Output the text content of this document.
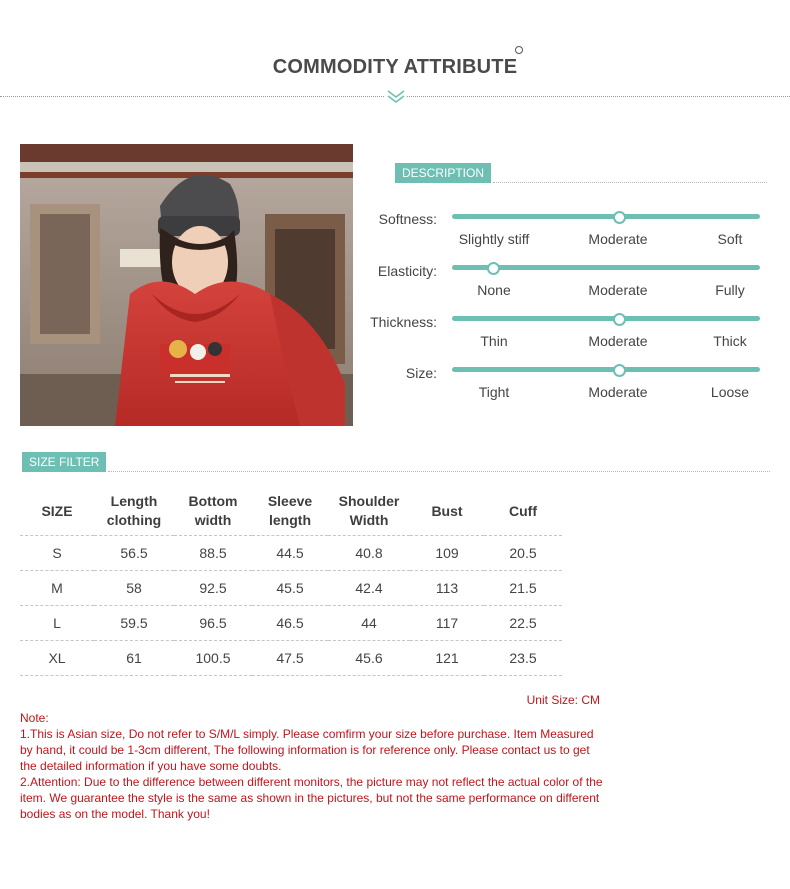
COMMODITY ATTRIBUTE
DESCRIPTION
Softness:
Slightly stiff	Moderate	Soft
Elasticity:
None	Moderate	Fully
Thickness:
Thin	Moderate	Thick
Size:
Tight	Moderate	Loose
SIZE FILTER
SIZE	Length clothing	Bottom width	Sleeve length	Shoulder Width	Bust	Cuff
S	56.5	88.5	44.5	40.8	109	20.5
M	58	92.5	45.5	42.4	113	21.5
L	59.5	96.5	46.5	44	117	22.5
XL	61	100.5	47.5	45.6	121	23.5
Unit Size: CM

Note:

1.This is Asian size, Do not refer to S/M/L simply. Please comfirm your size before purchase. Item Measured by hand, it could be 1-3cm different, The following information is for reference only. Please contact us to get the detailed information if you have some doubts.

2.Attention: Due to the difference between different monitors, the picture may not reflect the actual color of the item. We guarantee the style is the same as shown in the pictures, but not the same performance on different bodies as on the model. Thank you!
